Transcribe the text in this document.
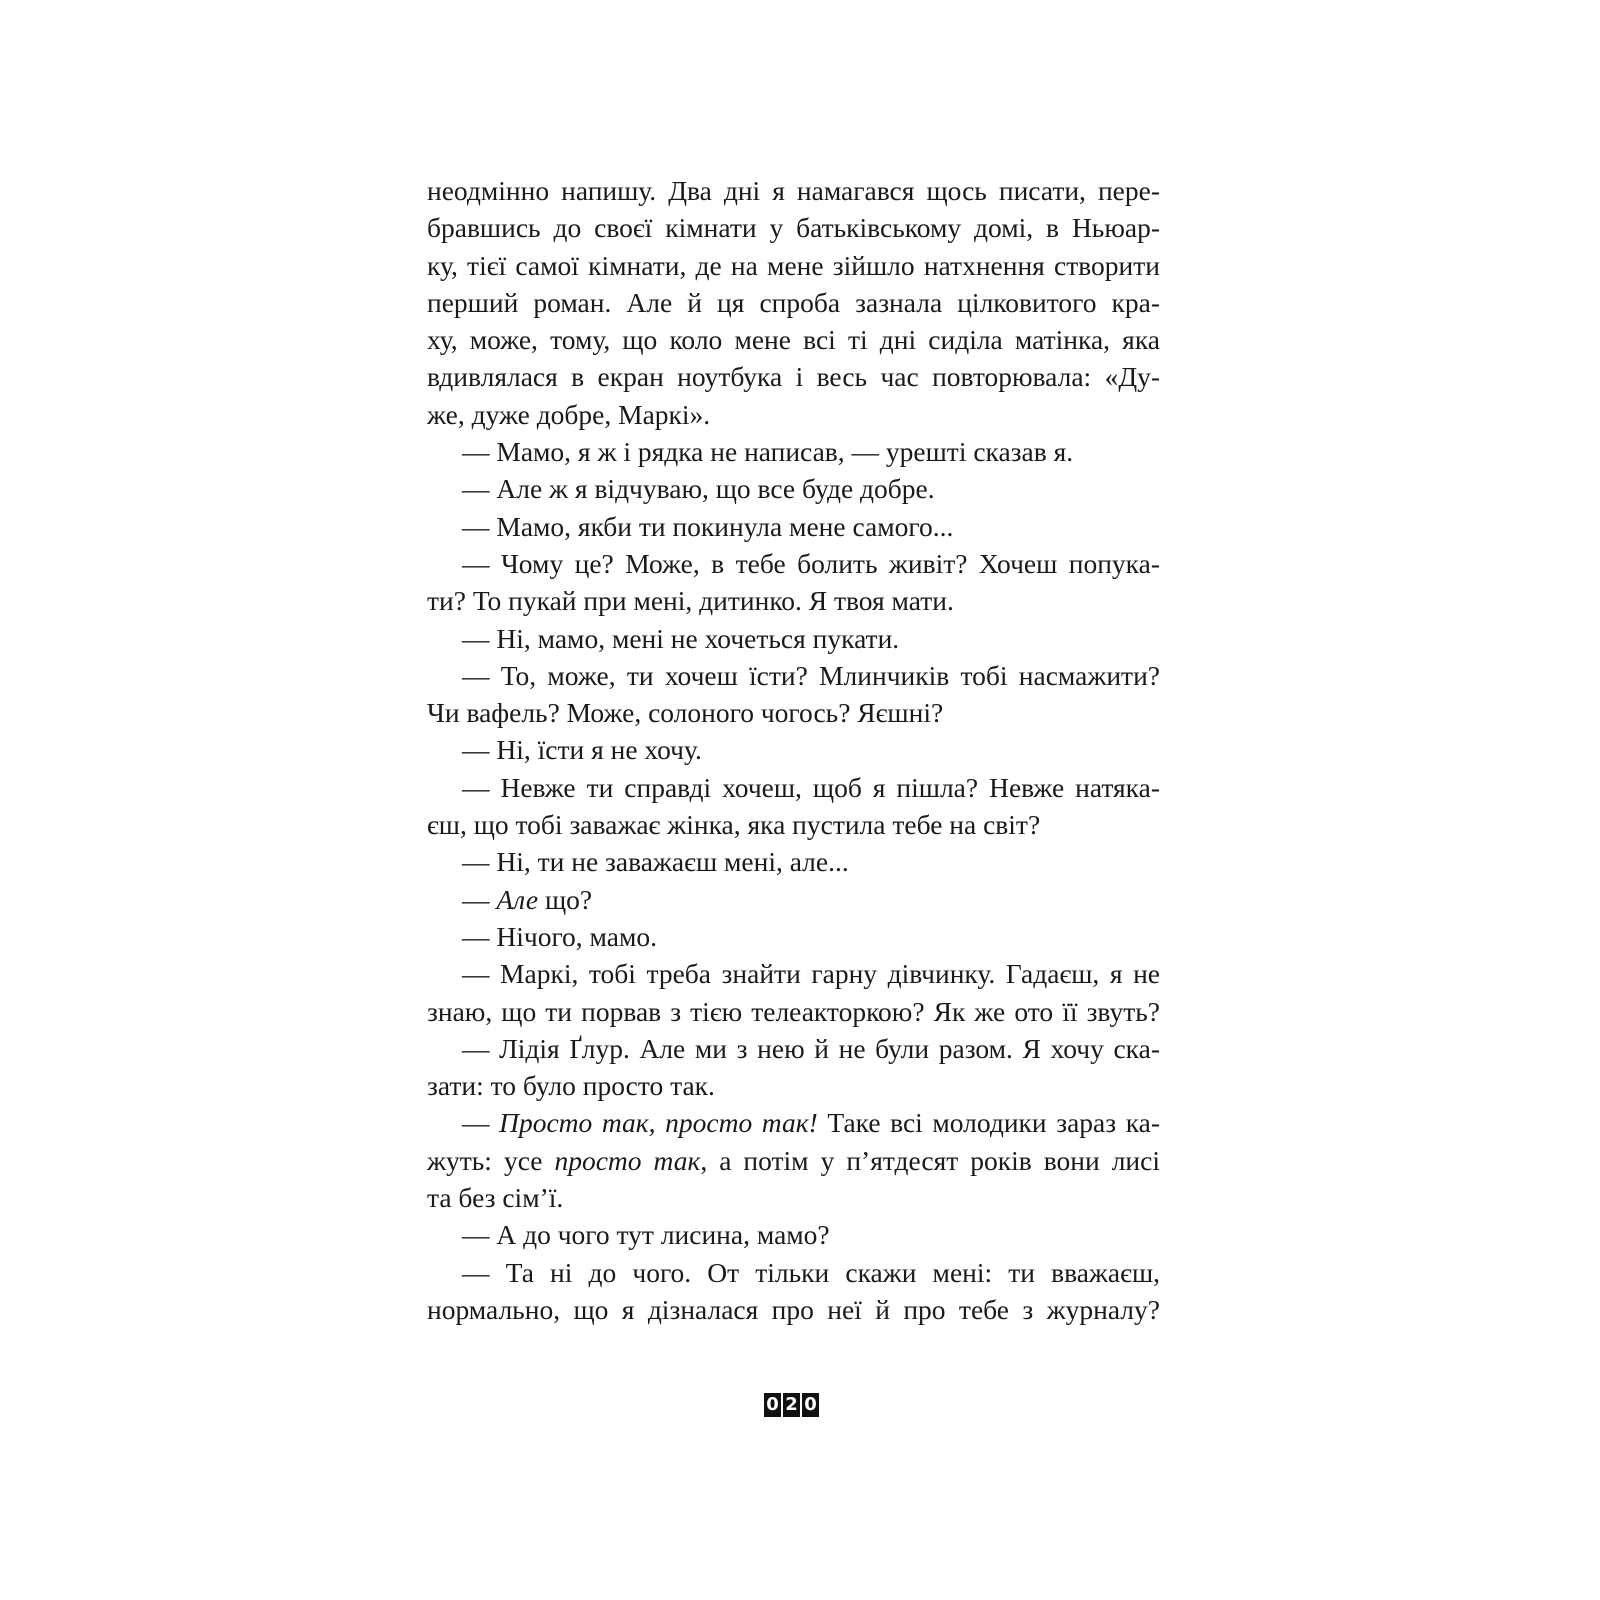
неодмінно напишу. Два дні я намагався щось писати, пере-
бравшись до своєї кімнати у батьківському домі, в Ньюар-
ку, тієї самої кімнати, де на мене зійшло натхнення створити
перший роман. Але й ця спроба зазнала цілковитого кра-
ху, може, тому, що коло мене всі ті дні сиділа матінка, яка
вдивлялася в екран ноутбука і весь час повторювала: «Ду-
же, дуже добре, Маркі».
— Мамо, я ж і рядка не написав, — урешті сказав я.
— Але ж я відчуваю, що все буде добре.
— Мамо, якби ти покинула мене самого...
— Чому це? Може, в тебе болить живіт? Хочеш попука-
ти? То пукай при мені, дитинко. Я твоя мати.
— Ні, мамо, мені не хочеться пукати.
— То, може, ти хочеш їсти? Млинчиків тобі насмажити?
Чи вафель? Може, солоного чогось? Яєшні?
— Ні, їсти я не хочу.
— Невже ти справді хочеш, щоб я пішла? Невже натяка-
єш, що тобі заважає жінка, яка пустила тебе на світ?
— Ні, ти не заважаєш мені, але...
— Але що?
— Нічого, мамо.
— Маркі, тобі треба знайти гарну дівчинку. Гадаєш, я не
знаю, що ти порвав з тією телеакторкою? Як же ото її звуть?
— Лідія Ґлур. Але ми з нею й не були разом. Я хочу ска-
зати: то було просто так.
— Просто так, просто так! Таке всі молодики зараз ка-
жуть: усе просто так, а потім у п’ятдесят років вони лисі
та без сім’ї.
— А до чого тут лисина, мамо?
— Та ні до чого. От тільки скажи мені: ти вважаєш,
нормально, що я дізналася про неї й про тебе з журналу?
0 2 0
